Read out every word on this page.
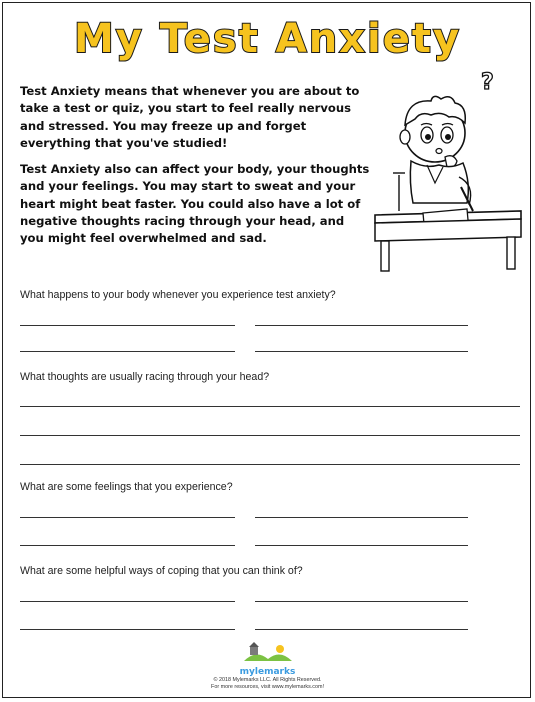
My Test Anxiety

Test Anxiety means that whenever you are about to take a test or quiz, you start to feel really nervous and stressed. You may freeze up and forget everything that you've studied!

Test Anxiety also can affect your body, your thoughts and your feelings. You may start to sweat and your heart might beat faster. You could also have a lot of negative thoughts racing through your head, and you might feel overwhelmed and sad.

?

What happens to your body whenever you experience test anxiety?

What thoughts are usually racing through your head?

What are some feelings that you experience?

What are some helpful ways of coping that you can think of?

mylemarks
© 2018 Mylemarks LLC. All Rights Reserved.
For more resources, visit www.mylemarks.com!
